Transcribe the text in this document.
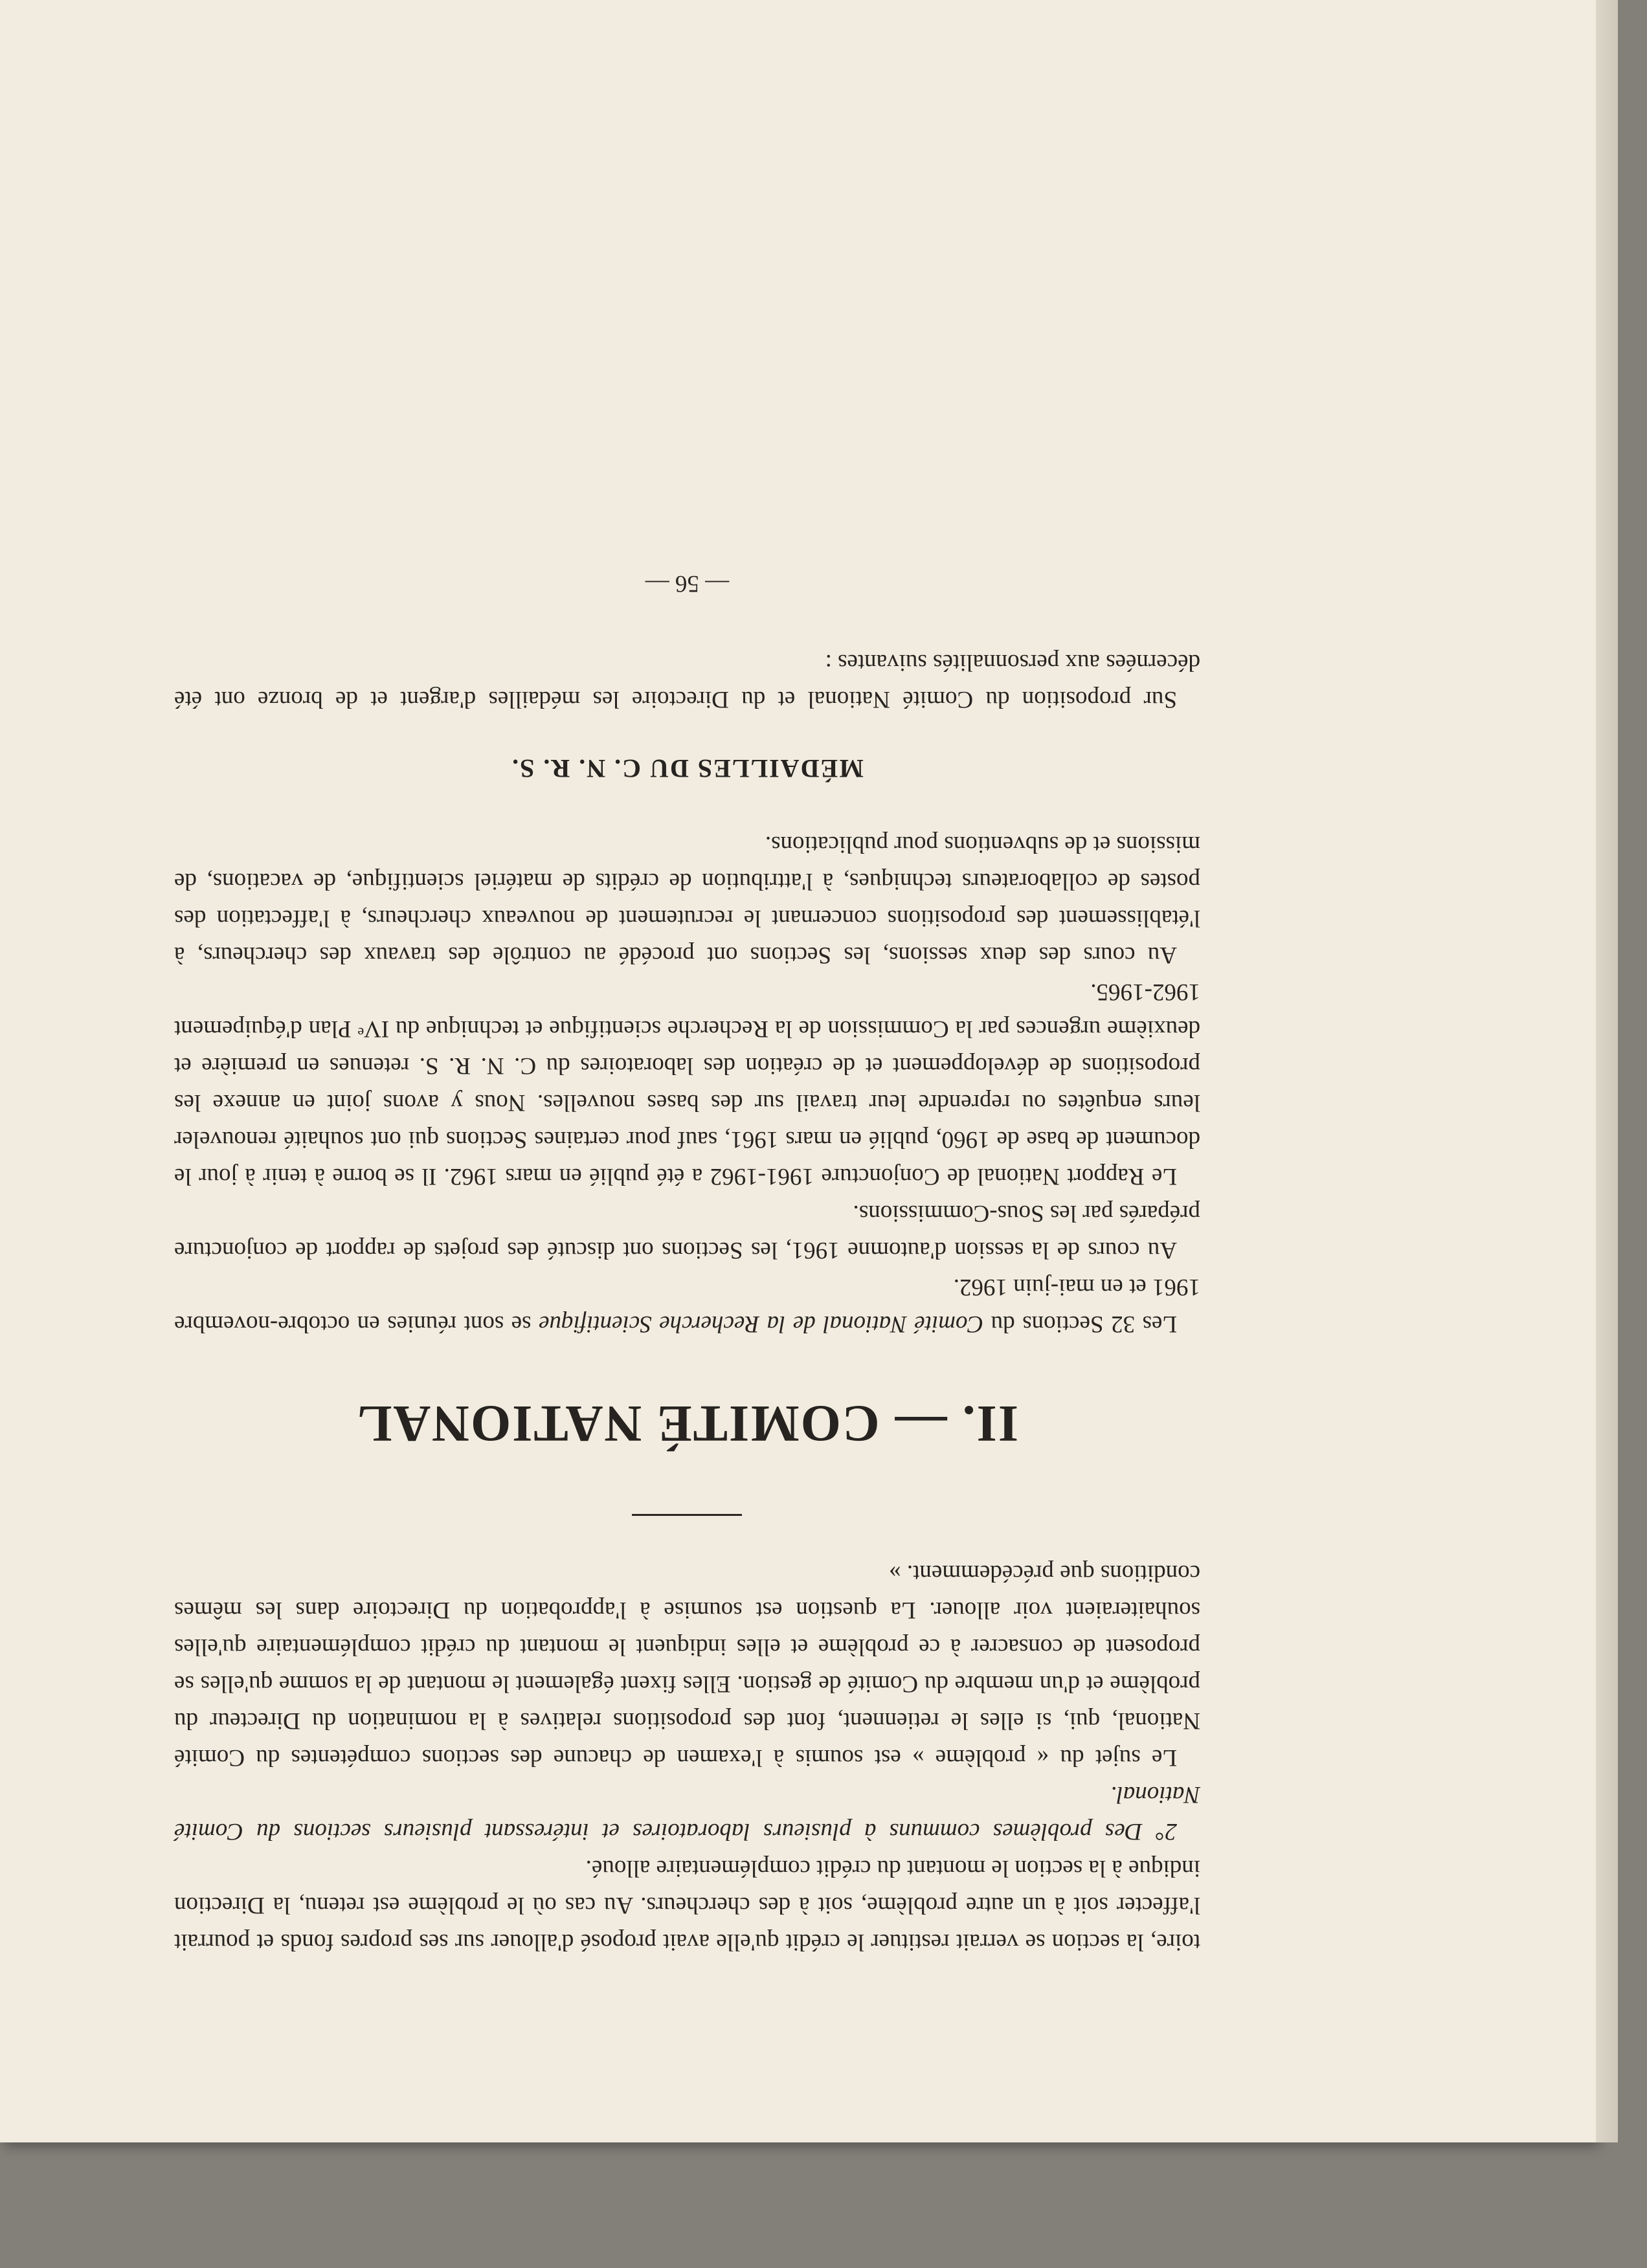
toire, la section se verrait restituer le crédit qu'elle avait proposé d'allouer sur ses propres fonds et pourrait l'affecter soit à un autre problème, soit à des chercheurs. Au cas où le problème est retenu, la Direction indique à la section le montant du crédit complémentaire alloué.

2° Des problèmes communs à plusieurs laboratoires et intéressant plusieurs sections du Comité National.

Le sujet du « problème » est soumis à l'examen de chacune des sections compétentes du Comité National, qui, si elles le retiennent, font des propositions relatives à la nomination du Directeur du problème et d'un membre du Comité de gestion. Elles fixent également le montant de la somme qu'elles se proposent de consacrer à ce problème et elles indiquent le montant du crédit complémentaire qu'elles souhaiteraient voir allouer. La question est soumise à l'approbation du Directoire dans les mêmes conditions que précédemment. »

II. — COMITÉ NATIONAL

Les 32 Sections du Comité National de la Recherche Scientifique se sont réunies en octobre-novembre 1961 et en mai-juin 1962.

Au cours de la session d'automne 1961, les Sections ont discuté des projets de rapport de conjoncture préparés par les Sous-Commissions.

Le Rapport National de Conjoncture 1961-1962 a été publié en mars 1962. Il se borne à tenir à jour le document de base de 1960, publié en mars 1961, sauf pour certaines Sections qui ont souhaité renouveler leurs enquêtes ou reprendre leur travail sur des bases nouvelles. Nous y avons joint en annexe les propositions de développement et de création des laboratoires du C. N. R. S. retenues en première et deuxième urgences par la Commission de la Recherche scientifique et technique du IVᵉ Plan d'équipement 1962-1965.

Au cours des deux sessions, les Sections ont procédé au contrôle des travaux des chercheurs, à l'établissement des propositions concernant le recrutement de nouveaux chercheurs, à l'affectation des postes de collaborateurs techniques, à l'attribution de crédits de matériel scientifique, de vacations, de missions et de subventions pour publications.

MÉDAILLES DU C. N. R. S.

Sur proposition du Comité National et du Directoire les médailles d'argent et de bronze ont été décernées aux personnalités suivantes :

— 56 —
